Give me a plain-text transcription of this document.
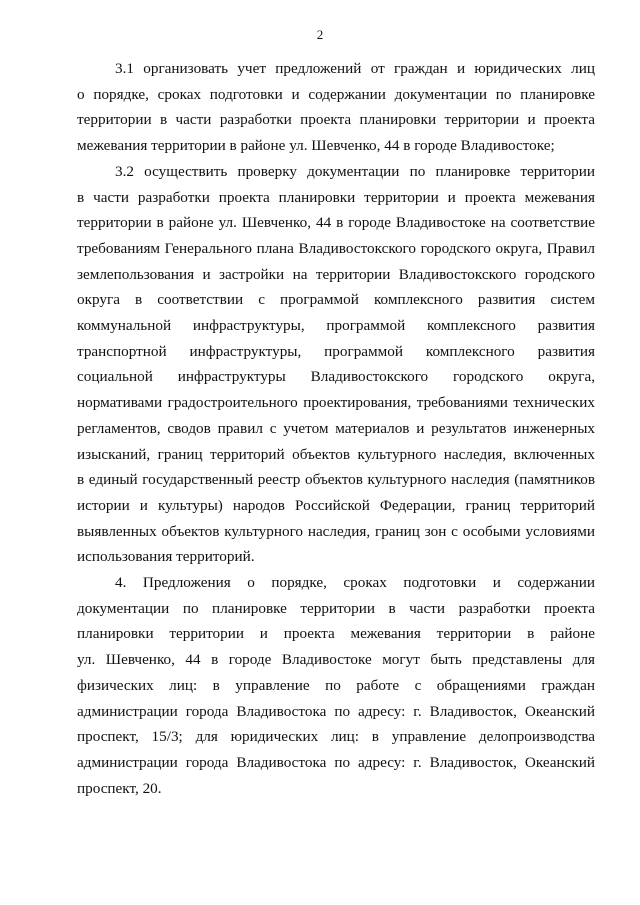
2

3.1 организовать учет предложений от граждан и юридических лиц
о порядке, сроках подготовки и содержании документации по планировке
территории в части разработки проекта планировки территории и проекта
межевания территории в районе ул. Шевченко, 44 в городе Владивостоке;

3.2 осуществить проверку документации по планировке территории
в части разработки проекта планировки территории и проекта межевания
территории в районе ул. Шевченко, 44 в городе Владивостоке на соответствие
требованиям Генерального плана Владивостокского городского округа, Правил
землепользования и застройки на территории Владивостокского городского
округа в соответствии с программой комплексного развития систем
коммунальной инфраструктуры, программой комплексного развития
транспортной инфраструктуры, программой комплексного развития
социальной инфраструктуры Владивостокского городского округа,
нормативами градостроительного проектирования, требованиями технических
регламентов, сводов правил с учетом материалов и результатов инженерных
изысканий, границ территорий объектов культурного наследия, включенных
в единый государственный реестр объектов культурного наследия (памятников
истории и культуры) народов Российской Федерации, границ территорий
выявленных объектов культурного наследия, границ зон с особыми условиями
использования территорий.

4. Предложения о порядке, сроках подготовки и содержании
документации по планировке территории в части разработки проекта
планировки территории и проекта межевания территории в районе
ул. Шевченко, 44 в городе Владивостоке могут быть представлены для
физических лиц: в управление по работе с обращениями граждан
администрации города Владивостока по адресу: г. Владивосток, Океанский
проспект, 15/3; для юридических лиц: в управление делопроизводства
администрации города Владивостока по адресу: г. Владивосток, Океанский
проспект, 20.
